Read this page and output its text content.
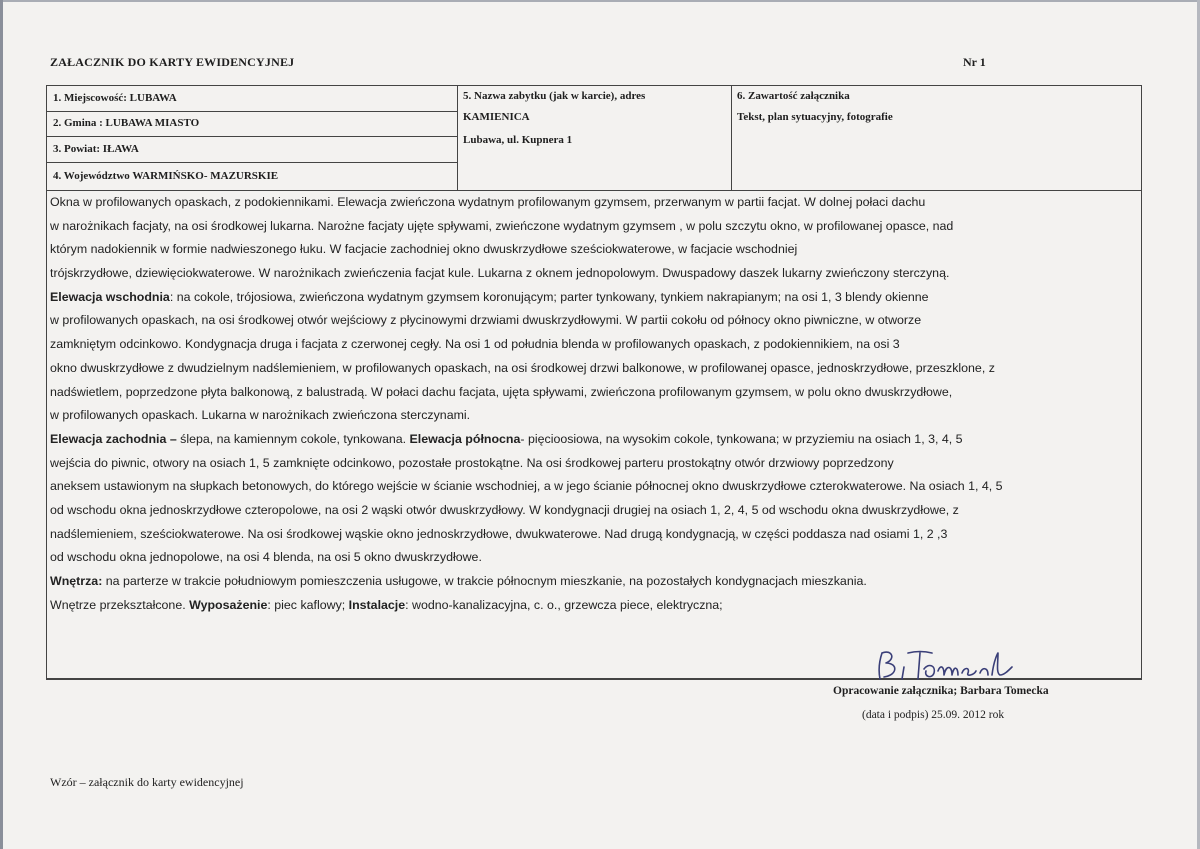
ZAŁACZNIK DO KARTY EWIDENCYJNEJ	Nr 1
1. Miejscowość: LUBAWA
2. Gmina : LUBAWA MIASTO
3. Powiat: IŁAWA
4. Województwo WARMIŃSKO- MAZURSKIE
5. Nazwa zabytku (jak w karcie), adres
KAMIENICA
Lubawa, ul. Kupnera 1
6. Zawartość załącznika
Tekst, plan sytuacyjny, fotografie
Okna w profilowanych opaskach, z podokiennikami. Elewacja zwieńczona wydatnym profilowanym gzymsem, przerwanym w partii facjat. W dolnej połaci dachu
w narożnikach facjaty, na osi środkowej lukarna. Narożne facjaty ujęte spływami, zwieńczone wydatnym gzymsem , w polu szczytu okno, w profilowanej opasce, nad
którym nadokiennik w formie nadwieszonego łuku. W facjacie zachodniej okno dwuskrzydłowe sześciokwaterowe, w facjacie wschodniej
trójskrzydłowe, dziewięciokwaterowe. W narożnikach zwieńczenia facjat kule. Lukarna z oknem jednopolowym. Dwuspadowy daszek lukarny zwieńczony sterczyną.
Elewacja wschodnia: na cokole, trójosiowa, zwieńczona wydatnym gzymsem koronującym; parter tynkowany, tynkiem nakrapianym; na osi 1, 3 blendy okienne
w profilowanych opaskach, na osi środkowej otwór wejściowy z płycinowymi drzwiami dwuskrzydłowymi. W partii cokołu od północy okno piwniczne, w otworze
zamkniętym odcinkowo. Kondygnacja druga i facjata z czerwonej cegły. Na osi 1 od południa blenda w profilowanych opaskach, z podokiennikiem, na osi 3
okno dwuskrzydłowe z dwudzielnym nadślemieniem, w profilowanych opaskach, na osi środkowej drzwi balkonowe, w profilowanej opasce, jednoskrzydłowe, przeszklone, z
nadświetlem, poprzedzone płyta balkonową, z balustradą. W połaci dachu facjata, ujęta spływami, zwieńczona profilowanym gzymsem, w polu okno dwuskrzydłowe,
w profilowanych opaskach. Lukarna w narożnikach zwieńczona sterczynami.
Elewacja zachodnia – ślepa, na kamiennym cokole, tynkowana. Elewacja północna- pięcioosiowa, na wysokim cokole, tynkowana; w przyziemiu na osiach 1, 3, 4, 5
wejścia do piwnic, otwory na osiach 1, 5 zamknięte odcinkowo, pozostałe prostokątne. Na osi środkowej parteru prostokątny otwór drzwiowy poprzedzony
aneksem ustawionym na słupkach betonowych, do którego wejście w ścianie wschodniej, a w jego ścianie północnej okno dwuskrzydłowe czterokwaterowe. Na osiach 1, 4, 5
od wschodu okna jednoskrzydłowe czteropolowe, na osi 2 wąski otwór dwuskrzydłowy. W kondygnacji drugiej na osiach 1, 2, 4, 5 od wschodu okna dwuskrzydłowe, z
nadślemieniem, sześciokwaterowe. Na osi środkowej wąskie okno jednoskrzydłowe, dwukwaterowe. Nad drugą kondygnacją, w części poddasza nad osiami 1, 2 ,3
od wschodu okna jednopolowe, na osi 4 blenda, na osi 5 okno dwuskrzydłowe.
Wnętrza: na parterze w trakcie południowym pomieszczenia usługowe, w trakcie północnym mieszkanie, na pozostałych kondygnacjach mieszkania.
Wnętrze przekształcone. Wyposażenie: piec kaflowy; Instalacje: wodno-kanalizacyjna, c. o., grzewcza piece, elektryczna;
Opracowanie załącznika; Barbara Tomecka
(data i podpis) 25.09. 2012 rok
Wzór – załącznik do karty ewidencyjnej
